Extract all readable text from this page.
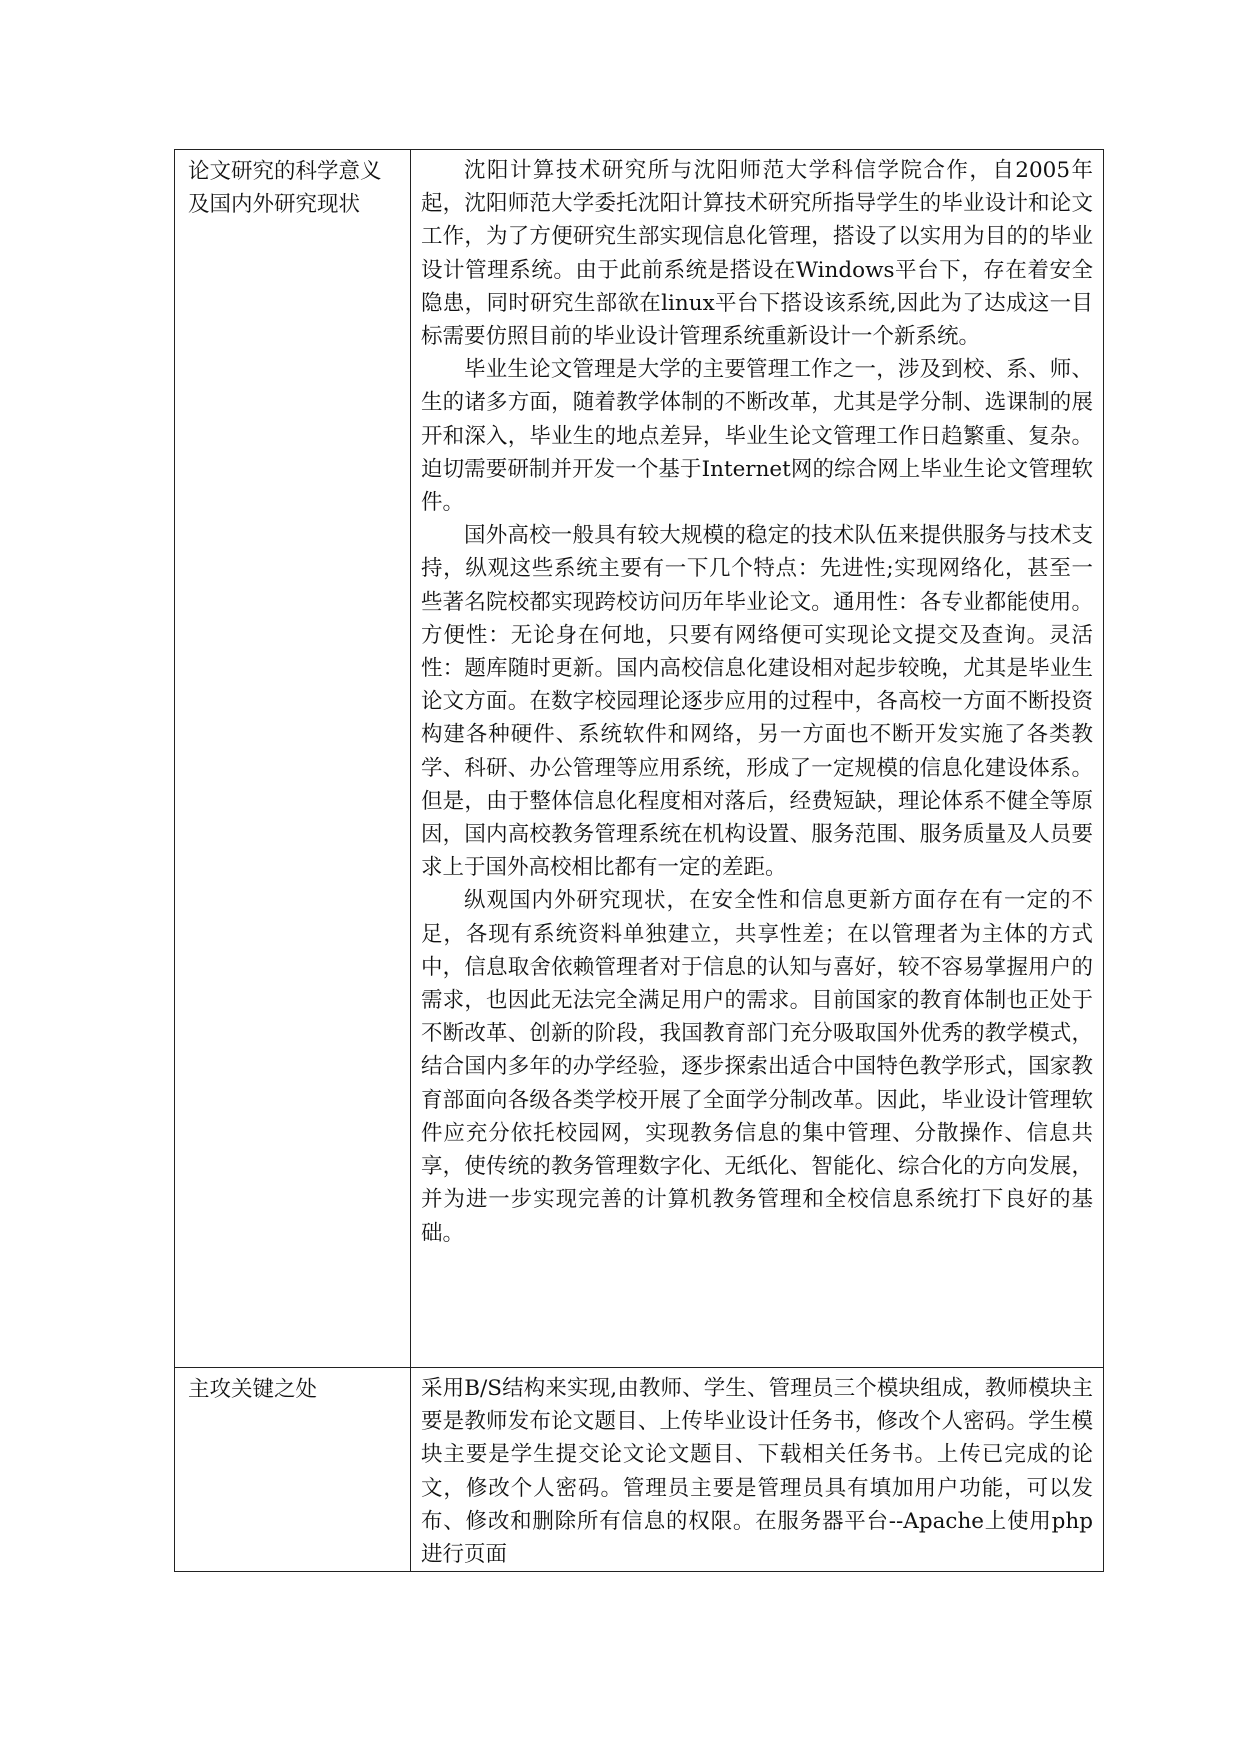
论文研究的科学意义及国内外研究现状	沈阳计算技术研究所与沈阳师范大学科信学院合作，自2005年起，沈阳师范大学委托沈阳计算技术研究所指导学生的毕业设计和论文工作，为了方便研究生部实现信息化管理，搭设了以实用为目的的毕业设计管理系统。由于此前系统是搭设在Windows平台下，存在着安全隐患，同时研究生部欲在linux平台下搭设该系统,因此为了达成这一目标需要仿照目前的毕业设计管理系统重新设计一个新系统。

毕业生论文管理是大学的主要管理工作之一，涉及到校、系、师、生的诸多方面，随着教学体制的不断改革，尤其是学分制、选课制的展开和深入，毕业生的地点差异，毕业生论文管理工作日趋繁重、复杂。迫切需要研制并开发一个基于Internet网的综合网上毕业生论文管理软件。

国外高校一般具有较大规模的稳定的技术队伍来提供服务与技术支持，纵观这些系统主要有一下几个特点：先进性;实现网络化，甚至一些著名院校都实现跨校访问历年毕业论文。通用性：各专业都能使用。方便性：无论身在何地，只要有网络便可实现论文提交及查询。灵活性：题库随时更新。国内高校信息化建设相对起步较晚，尤其是毕业生论文方面。在数字校园理论逐步应用的过程中，各高校一方面不断投资构建各种硬件、系统软件和网络，另一方面也不断开发实施了各类教学、科研、办公管理等应用系统，形成了一定规模的信息化建设体系。但是，由于整体信息化程度相对落后，经费短缺，理论体系不健全等原因，国内高校教务管理系统在机构设置、服务范围、服务质量及人员要求上于国外高校相比都有一定的差距。

纵观国内外研究现状，在安全性和信息更新方面存在有一定的不足，各现有系统资料单独建立，共享性差；在以管理者为主体的方式中，信息取舍依赖管理者对于信息的认知与喜好，较不容易掌握用户的需求，也因此无法完全满足用户的需求。目前国家的教育体制也正处于不断改革、创新的阶段，我国教育部门充分吸取国外优秀的教学模式，结合国内多年的办学经验，逐步探索出适合中国特色教学形式，国家教育部面向各级各类学校开展了全面学分制改革。因此，毕业设计管理软件应充分依托校园网，实现教务信息的集中管理、分散操作、信息共享，使传统的教务管理数字化、无纸化、智能化、综合化的方向发展，并为进一步实现完善的计算机教务管理和全校信息系统打下良好的基础。

主攻关键之处	采用B/S结构来实现,由教师、学生、管理员三个模块组成，教师模块主要是教师发布论文题目、上传毕业设计任务书，修改个人密码。学生模块主要是学生提交论文论文题目、下载相关任务书。上传已完成的论文，修改个人密码。管理员主要是管理员具有填加用户功能，可以发布、修改和删除所有信息的权限。在服务器平台--Apache上使用php进行页面
